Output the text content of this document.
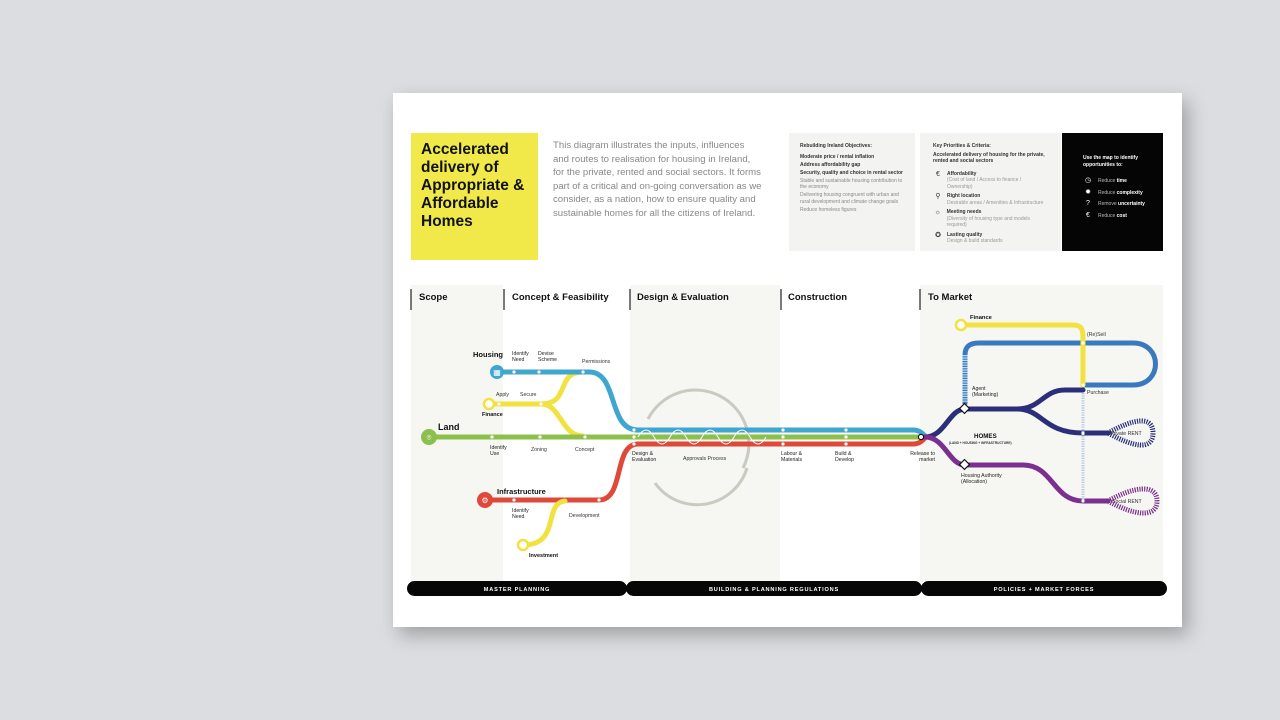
Accelerated delivery of Appropriate & Affordable Homes

This diagram illustrates the inputs, influences and routes to realisation for housing in Ireland, for the private, rented and social sectors. It forms part of a critical and on-going conversation as we consider, as a nation, how to ensure quality and sustainable homes for all the citizens of Ireland.

Rebuilding Ireland Objectives:
Moderate price / rental inflation
Address affordability gap
Security, quality and choice in rental sector
Stable and sustainable housing contribution to the economy
Delivering housing congruent with urban and rural development and climate change goals
Reduce homeless figures
Key Priorities & Criteria:
Accelerated delivery of housing for the private, rented and social sectors
€	Affordability
(Cost of land / Access to finance / Ownership)
⚲	Right location
Desirable areas / Amenities & Infrastructure
☼	Meeting needs
(Diversity of housing type and models required)
✪	Lasting quality
Design & build standards
Use the map to identify opportunities to:
◷	Reduce time
✹	Reduce complexity
?	Remove uncertainty
€	Reduce cost
Scope	Concept & Feasibility	Design & Evaluation	Construction	To Market
▦
⌾
⚙
Housing
Finance
Land
Infrastructure
Investment
Identify Need
Devise Scheme	Permissions
Apply Secure
Identify Use
Zoning	Concept
Identify Need	Development
Design & Evaluation	Approvals Process
Labour & Materials
Build & Develop
Release to market
Finance
(Re)Sell
Purchase
Agent (Marketing)
HOMES
(LAND + HOUSING + INFRASTRUCTURE)
Private RENT
Housing Authority (Allocation)
Social RENT
MASTER PLANNING	BUILDING & PLANNING REGULATIONS	POLICIES + MARKET FORCES
